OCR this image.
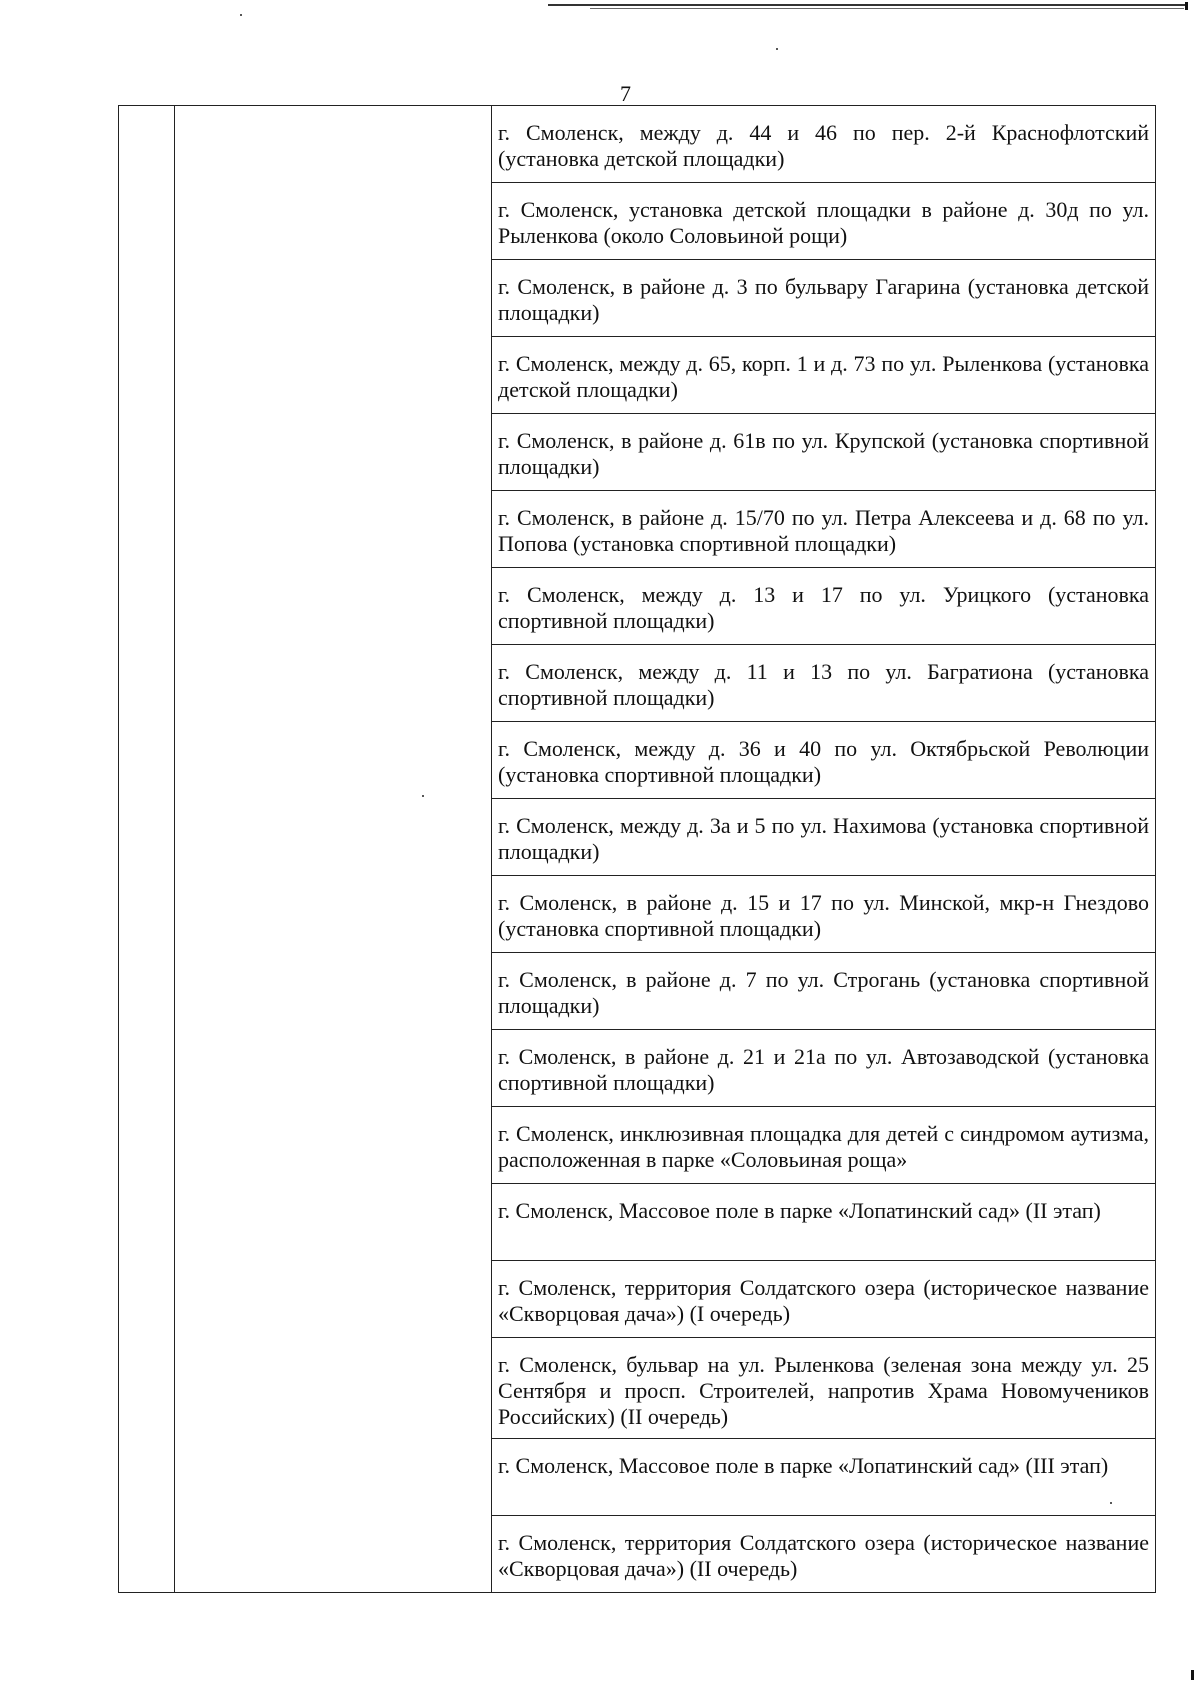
7

г. Смоленск, между д. 44 и 46 по пер. 2-й Краснофлотский (установка детской площадки)

г. Смоленск, установка детской площадки в районе д. 30д по ул. Рыленкова (около Соловьиной рощи)

г. Смоленск, в районе д. 3 по бульвару Гагарина (установка детской площадки)

г. Смоленск, между д. 65, корп. 1 и д. 73 по ул. Рыленкова (установка детской площадки)

г. Смоленск, в районе д. 61в по ул. Крупской (установка спортивной площадки)

г. Смоленск, в районе д. 15/70 по ул. Петра Алексеева и д. 68 по ул. Попова (установка спортивной площадки)

г. Смоленск, между д. 13 и 17 по ул. Урицкого (установка спортивной площадки)

г. Смоленск, между д. 11 и 13 по ул. Багратиона (установка спортивной площадки)

г. Смоленск, между д. 36 и 40 по ул. Октябрьской Революции (установка спортивной площадки)

г. Смоленск, между д. 3а и 5 по ул. Нахимова (установка спортивной площадки)

г. Смоленск, в районе д. 15 и 17 по ул. Минской, мкр-н Гнездово (установка спортивной площадки)

г. Смоленск, в районе д. 7 по ул. Строгань (установка спортивной площадки)

г. Смоленск, в районе д. 21 и 21а по ул. Автозаводской (установка спортивной площадки)

г. Смоленск, инклюзивная площадка для детей с синдромом аутизма, расположенная в парке «Соловьиная роща»

г. Смоленск, Массовое поле в парке «Лопатинский сад» (II этап)

г. Смоленск, территория Солдатского озера (историческое название «Скворцовая дача») (I очередь)

г. Смоленск, бульвар на ул. Рыленкова (зеленая зона между ул. 25 Сентября и просп. Строителей, напротив Храма Новомучеников Российских) (II очередь)

г. Смоленск, Массовое поле в парке «Лопатинский сад» (III этап)

г. Смоленск, территория Солдатского озера (историческое название «Скворцовая дача») (II очередь)
